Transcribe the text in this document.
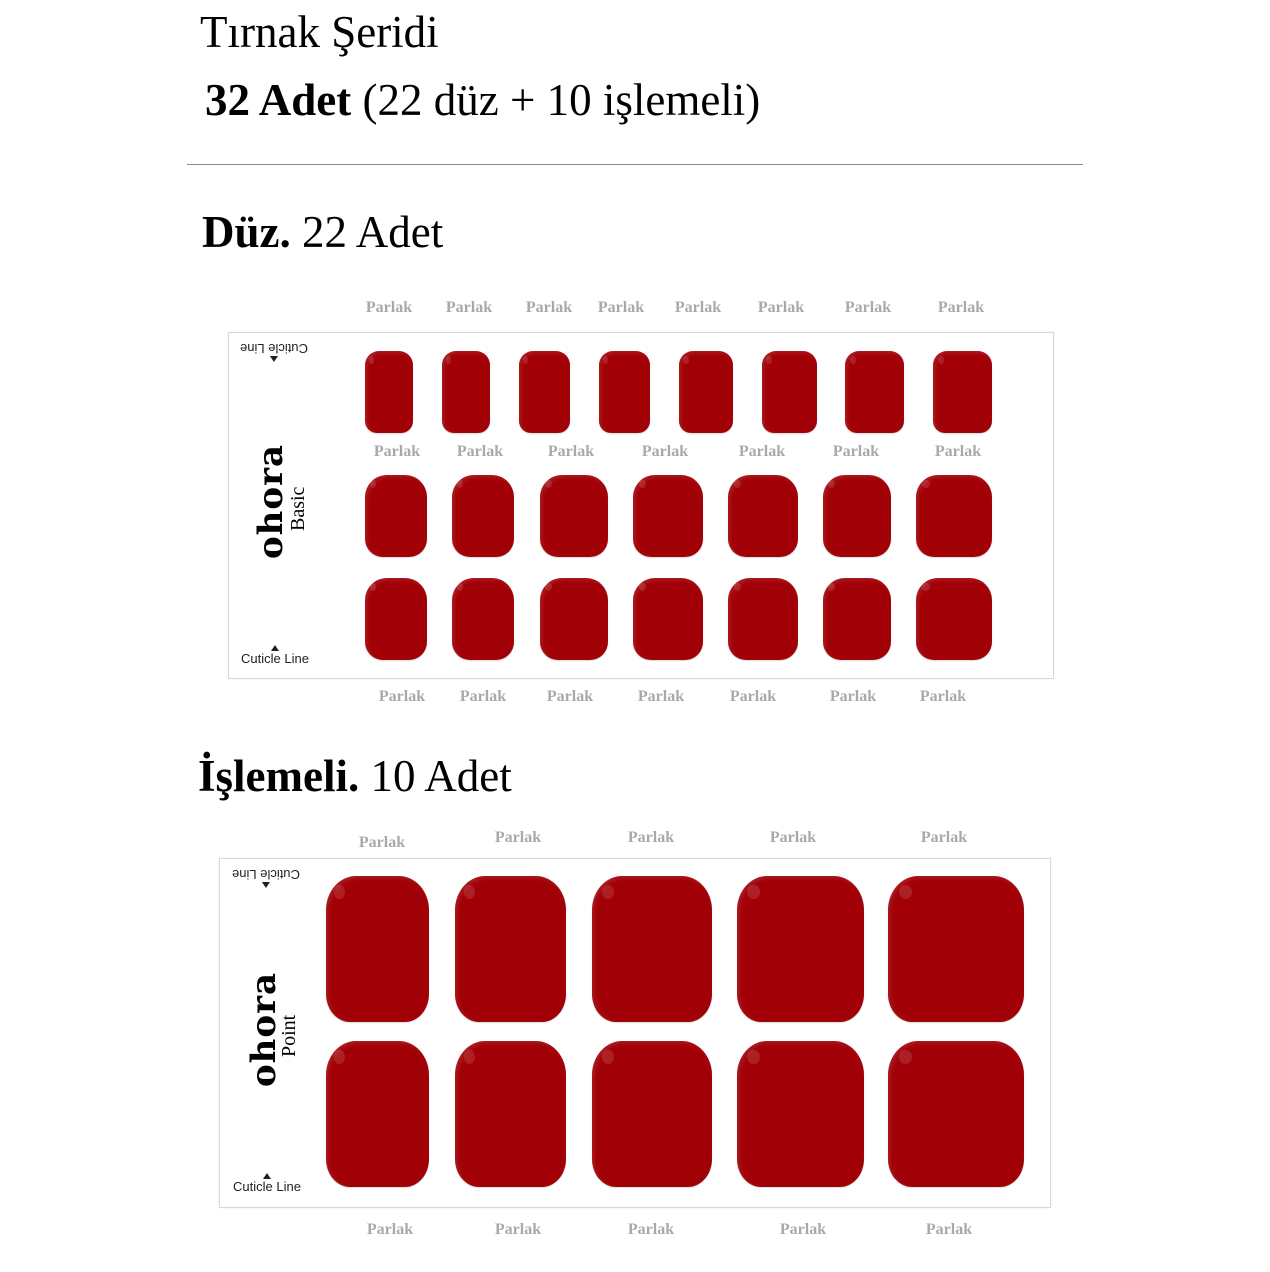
Tırnak Şeridi
32 Adet (22 düz + 10 işlemeli)
Düz. 22 Adet
Cuticle Line
Cuticle Line
ohora
Basic
İşlemeli. 10 Adet
Cuticle Line
Cuticle Line
ohora
Point
Parlak Parlak Parlak Parlak Parlak Parlak	Parlak	Parlak
Parlak Parlak	Parlak	Parlak	Parlak	Parlak	Parlak
Parlak Parlak	Parlak	Parlak	Parlak	Parlak	Parlak
Parlak	Parlak	Parlak	Parlak	Parlak
Parlak	Parlak	Parlak	Parlak	Parlak
